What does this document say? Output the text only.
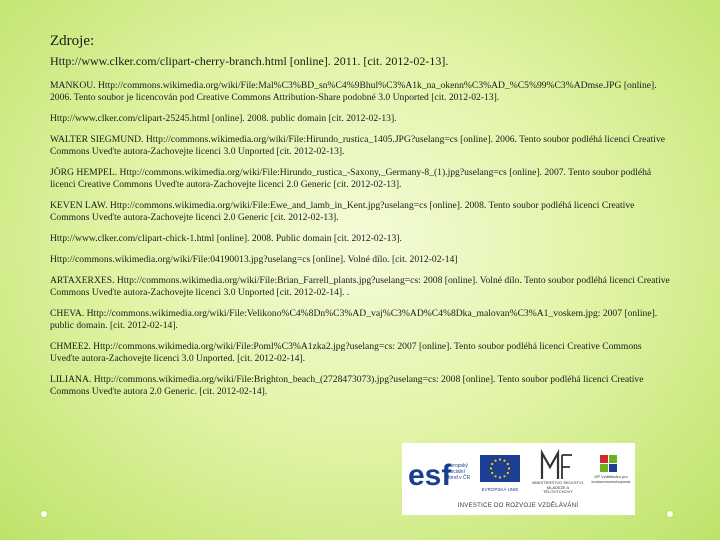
Zdroje:

Http://www.clker.com/clipart-cherry-branch.html [online]. 2011. [cit. 2012-02-13].

MANKOU. Http://commons.wikimedia.org/wiki/File:Mal%C3%BD_sn%C4%9Bhul%C3%A1k_na_okenn%C3%AD_%C5%99%C3%ADmse.JPG [online]. 2006. Tento soubor je licencován pod Creative Commons Attribution-Share podobné 3.0 Unported [cit. 2012-02-13].

Http://www.clker.com/clipart-25245.html [online]. 2008. public domain [cit. 2012-02-13].

WALTER SIEGMUND. Http://commons.wikimedia.org/wiki/File:Hirundo_rustica_1405.JPG?uselang=cs [online]. 2006. Tento soubor podléhá licenci Creative Commons Uveďte autora-Zachovejte licenci 3.0 Unported [cit. 2012-02-13].

JÖRG HEMPEL. Http://commons.wikimedia.org/wiki/File:Hirundo_rustica_-Saxony,_Germany-8_(1).jpg?uselang=cs [online]. 2007. Tento soubor podléhá licenci Creative Commons Uveďte autora-Zachovejte licenci 2.0 Generic [cit. 2012-02-13].

KEVEN LAW. Http://commons.wikimedia.org/wiki/File:Ewe_and_lamb_in_Kent.jpg?uselang=cs [online]. 2008. Tento soubor podléhá licenci Creative Commons Uveďte autora-Zachovejte licenci 2.0 Generic [cit. 2012-02-13].

Http://www.clker.com/clipart-chick-1.html [online]. 2008. Public domain [cit. 2012-02-13].

Http://commons.wikimedia.org/wiki/File:04190013.jpg?uselang=cs [online]. Volné dílo. [cit. 2012-02-14]

ARTAXERXES. Http://commons.wikimedia.org/wiki/File:Brian_Farrell_plants.jpg?uselang=cs: 2008 [online]. Volné dílo. Tento soubor podléhá licenci Creative Commons Uveďte autora-Zachovejte licenci 3.0 Unported [cit. 2012-02-14]. .

CHEVA. Http://commons.wikimedia.org/wiki/File:Velikono%C4%8Dn%C3%AD_vaj%C3%AD%C4%8Dka_malovan%C3%A1_voskem.jpg: 2007 [online]. public domain. [cit. 2012-02-14].

CHMEE2. Http://commons.wikimedia.org/wiki/File:Poml%C3%A1zka2.jpg?uselang=cs: 2007 [online]. Tento soubor podléhá licenci Creative Commons Uveďte autora-Zachovejte licenci 3.0 Unported. [cit. 2012-02-14].

LILIANA. Http://commons.wikimedia.org/wiki/File:Brighton_beach_(2728473073).jpg?uselang=cs: 2008 [online]. Tento soubor podléhá licenci Creative Commons Uveďte autora 2.0 Generic. [cit. 2012-02-14].

esf
evropský
sociální
fond v ČR
EVROPSKÁ UNIE
MINISTERSTVO ŠKOLSTVÍ, MLÁDEŽE A TĚLOVÝCHOVY
OP Vzdělávání pro konkurenceschopnost
INVESTICE DO ROZVOJE VZDĚLÁVÁNÍ
